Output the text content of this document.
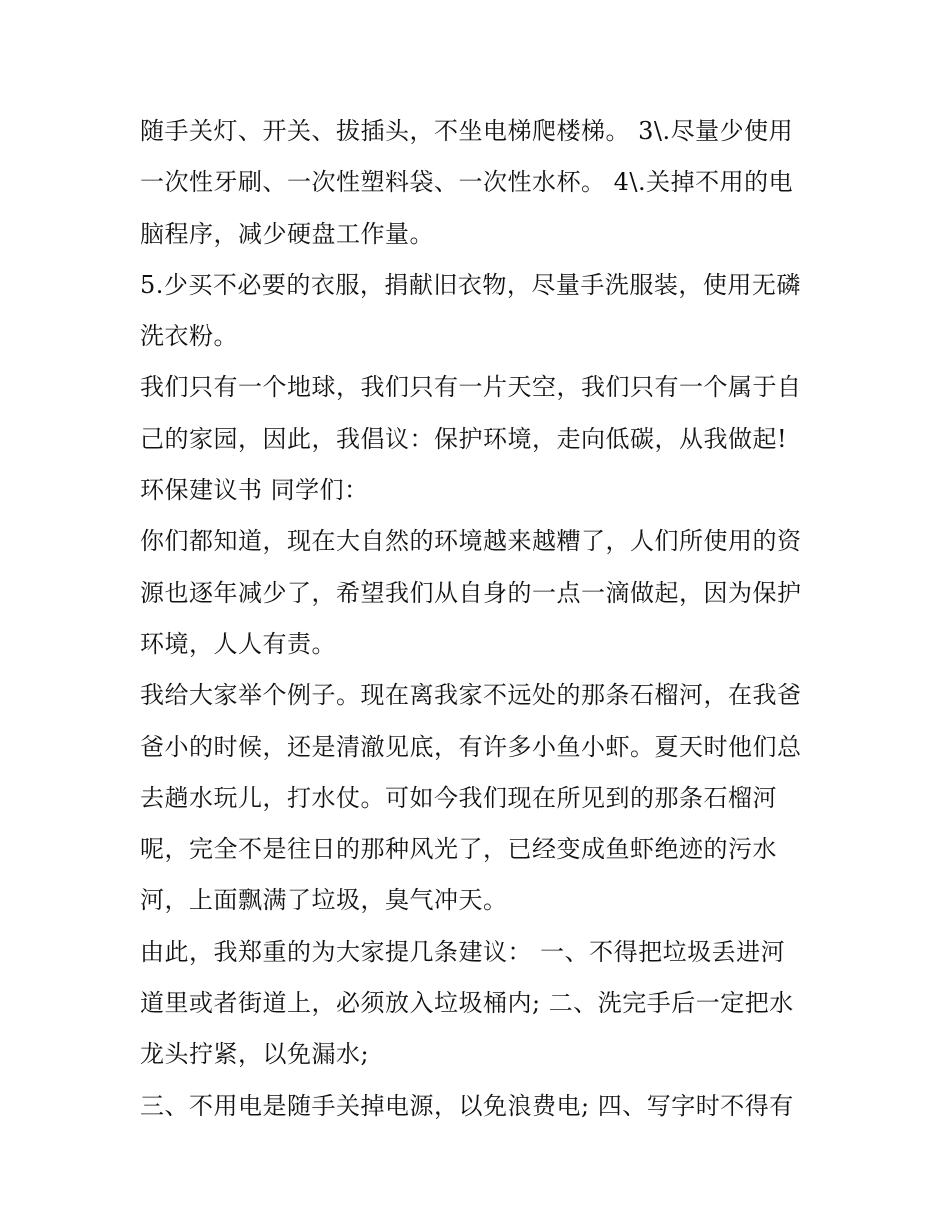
随手关灯、开关、拔插头，不坐电梯爬楼梯。 3\.尽量少使用
一次性牙刷、一次性塑料袋、一次性水杯。 4\.关掉不用的电
脑程序，减少硬盘工作量。
5.少买不必要的衣服，捐献旧衣物，尽量手洗服装，使用无磷
洗衣粉。
我们只有一个地球，我们只有一片天空，我们只有一个属于自
己的家园，因此，我倡议：保护环境，走向低碳，从我做起!
环保建议书 同学们：
你们都知道，现在大自然的环境越来越糟了，人们所使用的资
源也逐年减少了，希望我们从自身的一点一滴做起，因为保护
环境，人人有责。
我给大家举个例子。现在离我家不远处的那条石榴河，在我爸
爸小的时候，还是清澈见底，有许多小鱼小虾。夏天时他们总
去趟水玩儿，打水仗。可如今我们现在所见到的那条石榴河
呢，完全不是往日的那种风光了，已经变成鱼虾绝迹的污水
河，上面飘满了垃圾，臭气冲天。
由此，我郑重的为大家提几条建议： 一、不得把垃圾丢进河
道里或者街道上，必须放入垃圾桶内; 二、洗完手后一定把水
龙头拧紧，以免漏水;
三、不用电是随手关掉电源，以免浪费电; 四、写字时不得有
